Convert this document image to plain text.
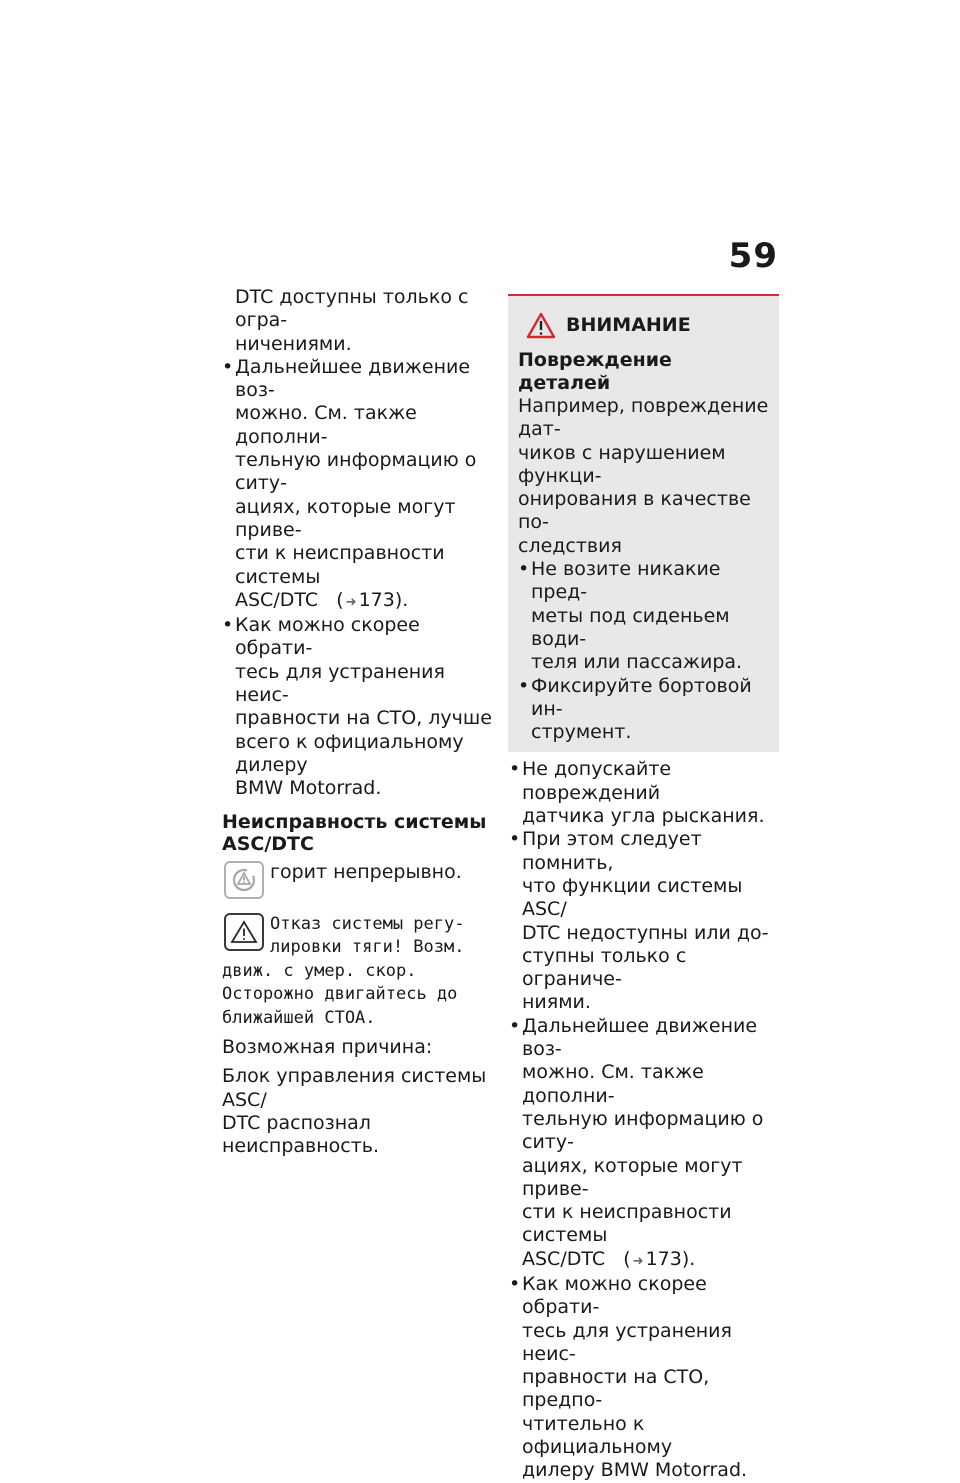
59

DTC доступны только с огра-

ничениями.

• Дальнейшее движение воз-

можно. См. также дополни-

тельную информацию о ситу-

ациях, которые могут приве-

сти к неисправности системы

ASC/DTC   ( ➜ 173).

• Как можно скорее обрати-

тесь для устранения неис-

правности на СТО, лучше

всего к официальному дилеру

BMW Motorrad.

Неисправность системы

ASC/DTC

горит непрерывно.

Отказ системы регу-

лировки тяги! Возм.

движ. с умер. скор.

Осторожно двигайтесь до

ближайшей СТОА.

Возможная причина:

Блок управления системы ASC/

DTC распознал неисправность.

ВНИМАНИЕ

Повреждение деталей

Например, повреждение дат-

чиков с нарушением функци-

онирования в качестве по-

следствия

• Не возите никакие пред-

меты под сиденьем води-

теля или пассажира.

• Фиксируйте бортовой ин-

струмент.

• Не допускайте повреждений

датчика угла рыскания.

• При этом следует помнить,

что функции системы ASC/

DTC недоступны или до-

ступны только с ограниче-

ниями.

• Дальнейшее движение воз-

можно. См. также дополни-

тельную информацию о ситу-

ациях, которые могут приве-

сти к неисправности системы

ASC/DTC   ( ➜ 173).

• Как можно скорее обрати-

тесь для устранения неис-

правности на СТО, предпо-

чтительно к официальному

дилеру BMW Motorrad.
